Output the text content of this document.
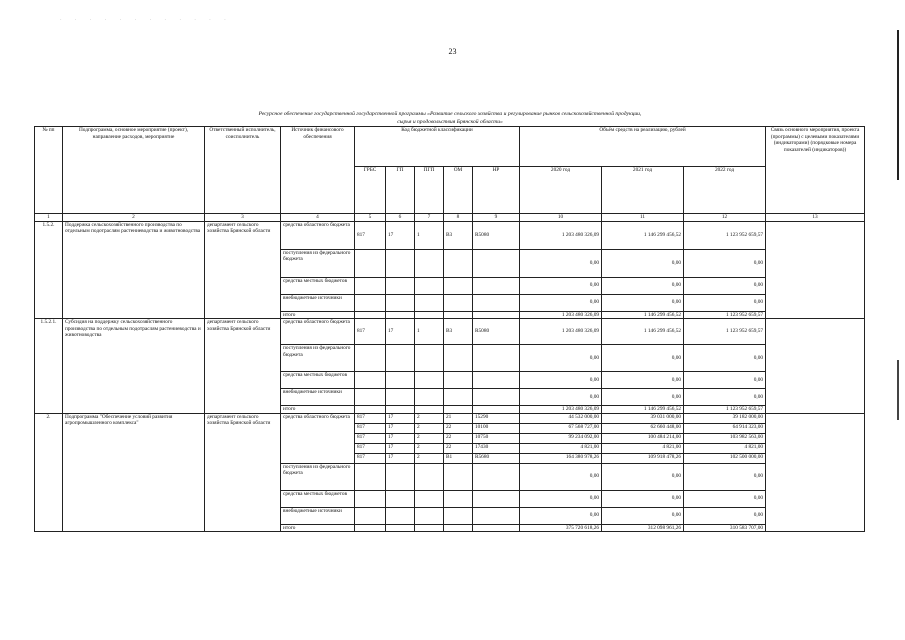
· · · · · · · · · · · ·
23
Ресурсное обеспечение государственной государственной программы «Развитие сельского хозяйства и регулирование рынков сельскохозяйственной продукции,
сырья и продовольствия Брянской области»
№ пп	Подпрограмма, основное мероприятие (проект), направление расходов, мероприятие	Ответственный исполнитель, соисполнитель	Источник финансового обеспечения	Код бюджетной классификации					Объём средств на реализацию, рублей			Связь основного мероприятия, проекта (программы) с целевыми показателями (индикаторами) (порядковые номера показателей (индикаторов))
				ГРБС	ГП	ПГП	ОМ	НР	2020 год	2021 год	2022 год	
1	2	3	4	5	6	7	8	9	10	11	12	13
1.5.2.	Поддержка сельскохозяйственного производства по отдельным подотраслям растениеводства и животноводства	департамент сельского хозяйства Брянской области	средства областного бюджета	817	17	1	В3	R5080	1 203 480 326,09	1 146 299 456,52	1 123 952 659,57	
			поступления из федерального бюджета						0,00	0,00	0,00	
			средства местных бюджетов						0,00	0,00	0,00	
			внебюджетные источники						0,00	0,00	0,00	
			итого						1 203 480 326,09	1 146 299 456,52	1 123 952 659,57	
1.5.2.1.	Субсидия на поддержку сельскохозяйственного производства по отдельным подотраслям растениеводства и животноводства	департамент сельского хозяйства Брянской области	средства областного бюджета	817	17	1	В3	R5080	1 203 480 326,09	1 146 299 456,52	1 123 952 659,57	
			поступления из федерального бюджета						0,00	0,00	0,00	
			средства местных бюджетов						0,00	0,00	0,00	
			внебюджетные источники						0,00	0,00	0,00	
			итого						1 203 480 326,09	1 146 299 456,52	1 123 952 659,57	
2.	Подпрограмма "Обеспечение условий развития агропромышленного комплекса"	департамент сельского хозяйства Брянской области	средства областного бюджета	817	17	2	21	15290	44 532 000,00	39 031 000,00	39 182 000,00	
				817	17	2	22	10100	67 568 727,00	62 660 448,00	64 914 323,00	
				817	17	2	22	10750	99 234 092,00	100 484 214,00	103 982 563,00	
				817	17	2	22	17430	4 821,00	4 821,00	4 821,00	
				817	17	2	В1	R5680	164 380 978,26	109 918 478,26	102 500 000,00	
			поступления из федерального бюджета						0,00	0,00	0,00	
			средства местных бюджетов						0,00	0,00	0,00	
			внебюджетные источники						0,00	0,00	0,00	
			итого						375 720 618,26	312 098 961,26	310 583 707,00	
